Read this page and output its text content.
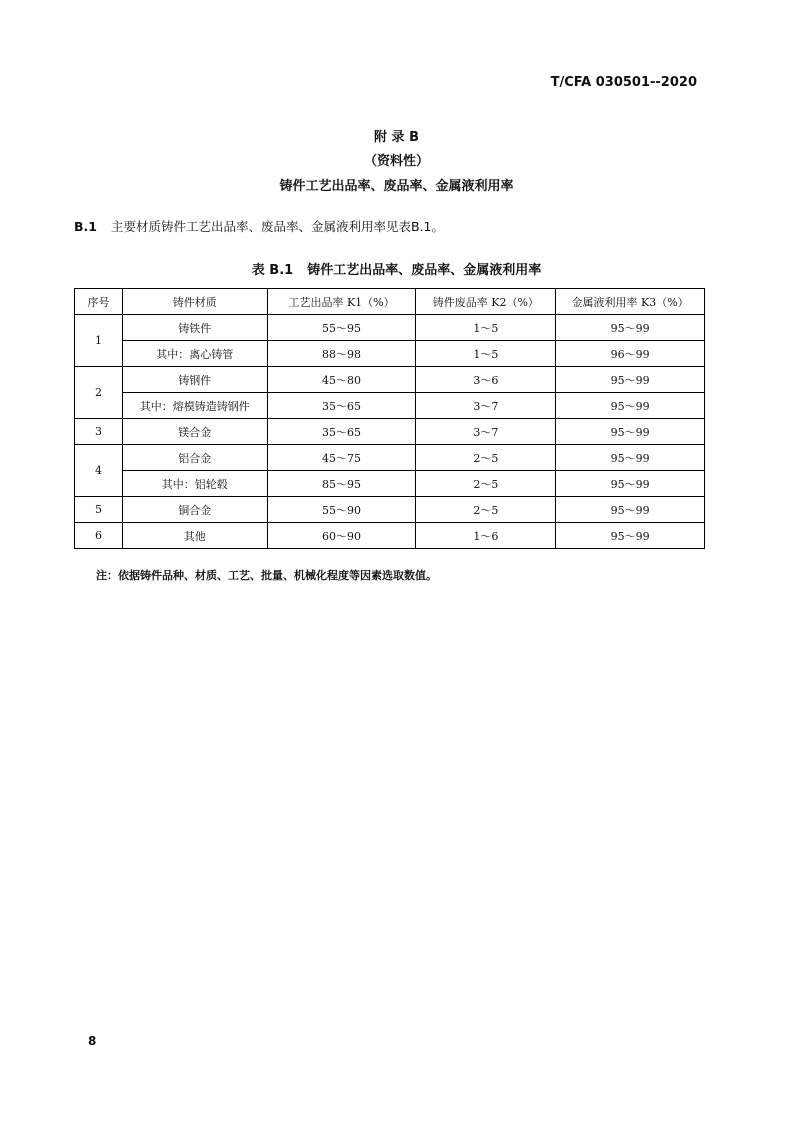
T/CFA 030501--2020
附 录 B
（资料性）
铸件工艺出品率、废品率、金属液利用率
B.1 主要材质铸件工艺出品率、废品率、金属液利用率见表B.1。
表 B.1 铸件工艺出品率、废品率、金属液利用率
序号	铸件材质	工艺出品率 K1（%）	铸件废品率 K2（%）	金属液利用率 K3（%）
1	铸铁件	55～95	1～5	95～99
	其中：离心铸管	88～98	1～5	96～99
2	铸钢件	45～80	3～6	95～99
	其中：熔模铸造铸钢件	35～65	3～7	95～99
3	镁合金	35～65	3～7	95～99
4	铝合金	45～75	2～5	95～99
	其中：铝轮毂	85～95	2～5	95～99
5	铜合金	55～90	2～5	95～99
6	其他	60～90	1～6	95～99
注：依据铸件品种、材质、工艺、批量、机械化程度等因素选取数值。
8
